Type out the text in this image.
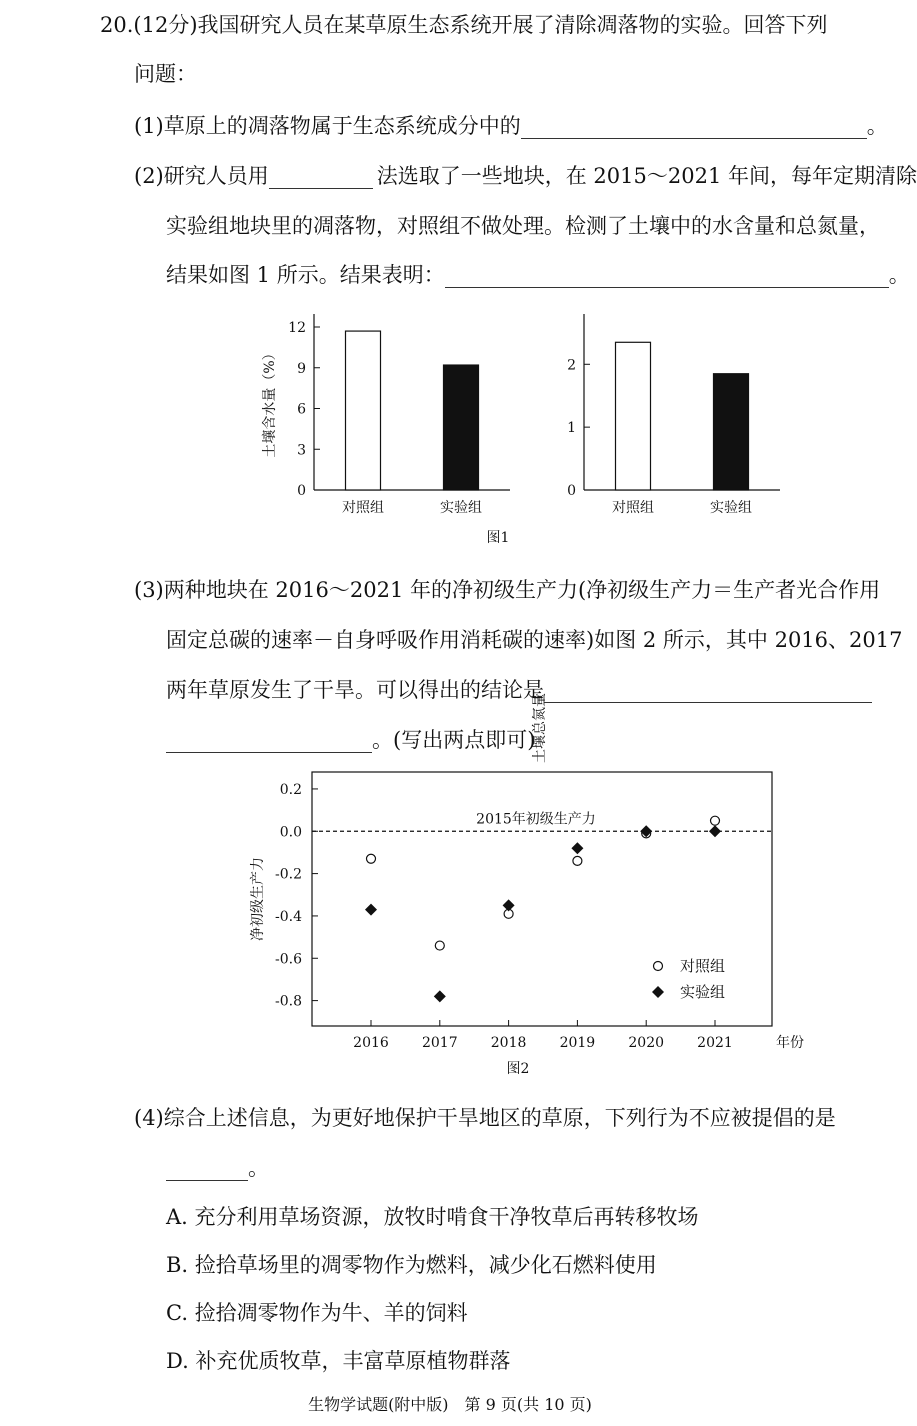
20.(12分)我国研究人员在某草原生态系统开展了清除凋落物的实验。回答下列
问题：
(1)草原上的凋落物属于生态系统成分中的	。
(2)研究人员用	法选取了一些地块，在 2015～2021 年间，每年定期清除
实验组地块里的凋落物，对照组不做处理。检测了土壤中的水含量和总氮量，
结果如图 1 所示。结果表明：	。
土壤含水量（%）
0
3
6
9
12
对照组	实验组
土壤总氮量
0
1
2
对照组	实验组
图1
(3)两种地块在 2016～2021 年的净初级生产力(净初级生产力＝生产者光合作用
固定总碳的速率－自身呼吸作用消耗碳的速率)如图 2 所示，其中 2016、2017
两年草原发生了干旱。可以得出的结论是
。(写出两点即可)
0.2
0.0
-0.2
-0.4
-0.6
-0.8
2016 2017 2018 2019 2020 2021
2015年初级生产力
对照组
实验组
净初级生产力
年份
图2
(4)综合上述信息，为更好地保护干旱地区的草原，下列行为不应被提倡的是
。
A. 充分利用草场资源，放牧时啃食干净牧草后再转移牧场
B. 捡拾草场里的凋零物作为燃料，减少化石燃料使用
C. 捡拾凋零物作为牛、羊的饲料
D. 补充优质牧草，丰富草原植物群落
生物学试题(附中版)　第 9 页(共 10 页)
